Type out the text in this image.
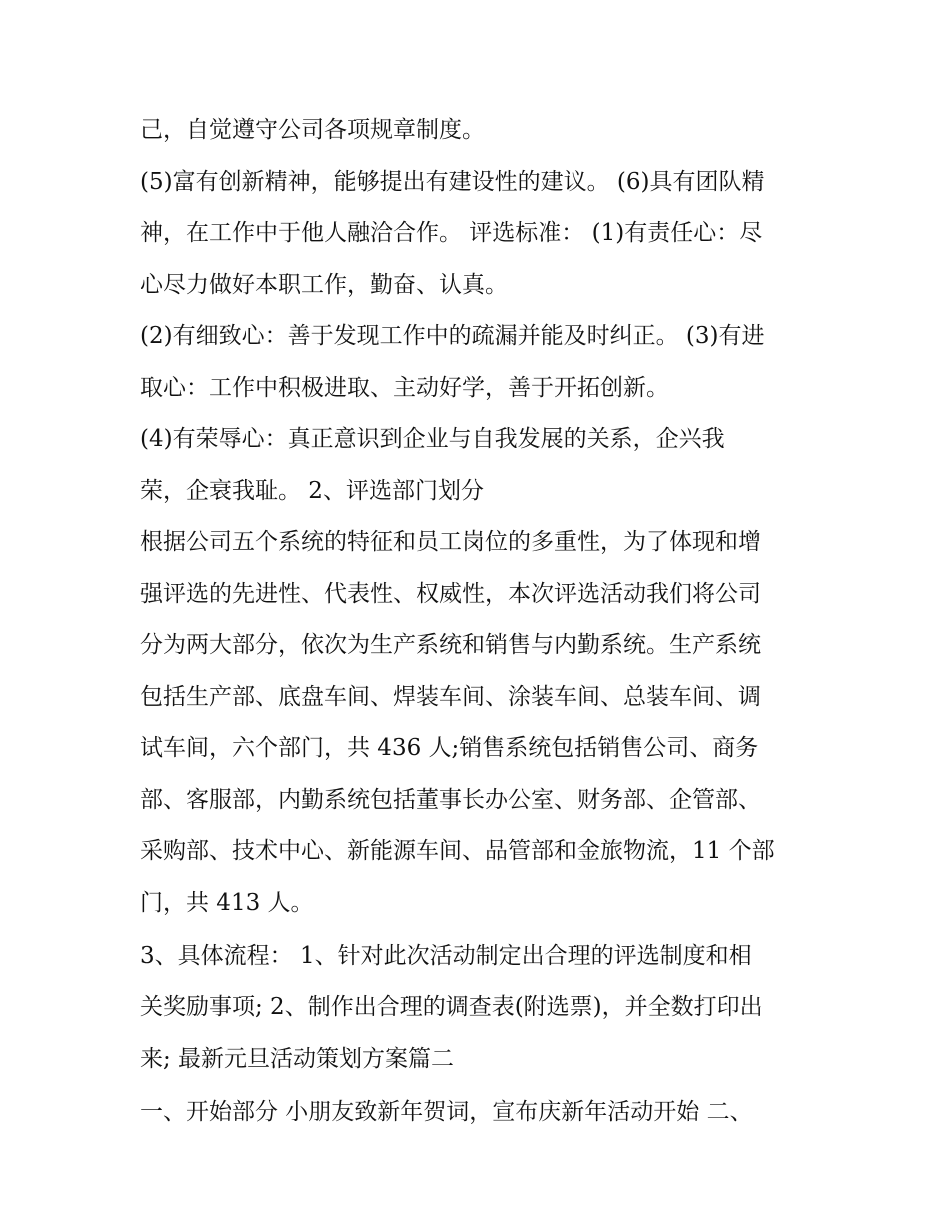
己，自觉遵守公司各项规章制度。
(5)富有创新精神，能够提出有建设性的建议。 (6)具有团队精
神，在工作中于他人融洽合作。 评选标准： (1)有责任心：尽
心尽力做好本职工作，勤奋、认真。
(2)有细致心：善于发现工作中的疏漏并能及时纠正。 (3)有进
取心：工作中积极进取、主动好学，善于开拓创新。
(4)有荣辱心：真正意识到企业与自我发展的关系，企兴我
荣，企衰我耻。 2、评选部门划分
根据公司五个系统的特征和员工岗位的多重性，为了体现和增
强评选的先进性、代表性、权威性，本次评选活动我们将公司
分为两大部分，依次为生产系统和销售与内勤系统。生产系统
包括生产部、底盘车间、焊装车间、涂装车间、总装车间、调
试车间，六个部门，共 436 人;销售系统包括销售公司、商务
部、客服部，内勤系统包括董事长办公室、财务部、企管部、
采购部、技术中心、新能源车间、品管部和金旅物流，11 个部
门，共 413 人。
3、具体流程： 1、针对此次活动制定出合理的评选制度和相
关奖励事项; 2、制作出合理的调查表(附选票)，并全数打印出
来; 最新元旦活动策划方案篇二
一、开始部分 小朋友致新年贺词，宣布庆新年活动开始 二、
